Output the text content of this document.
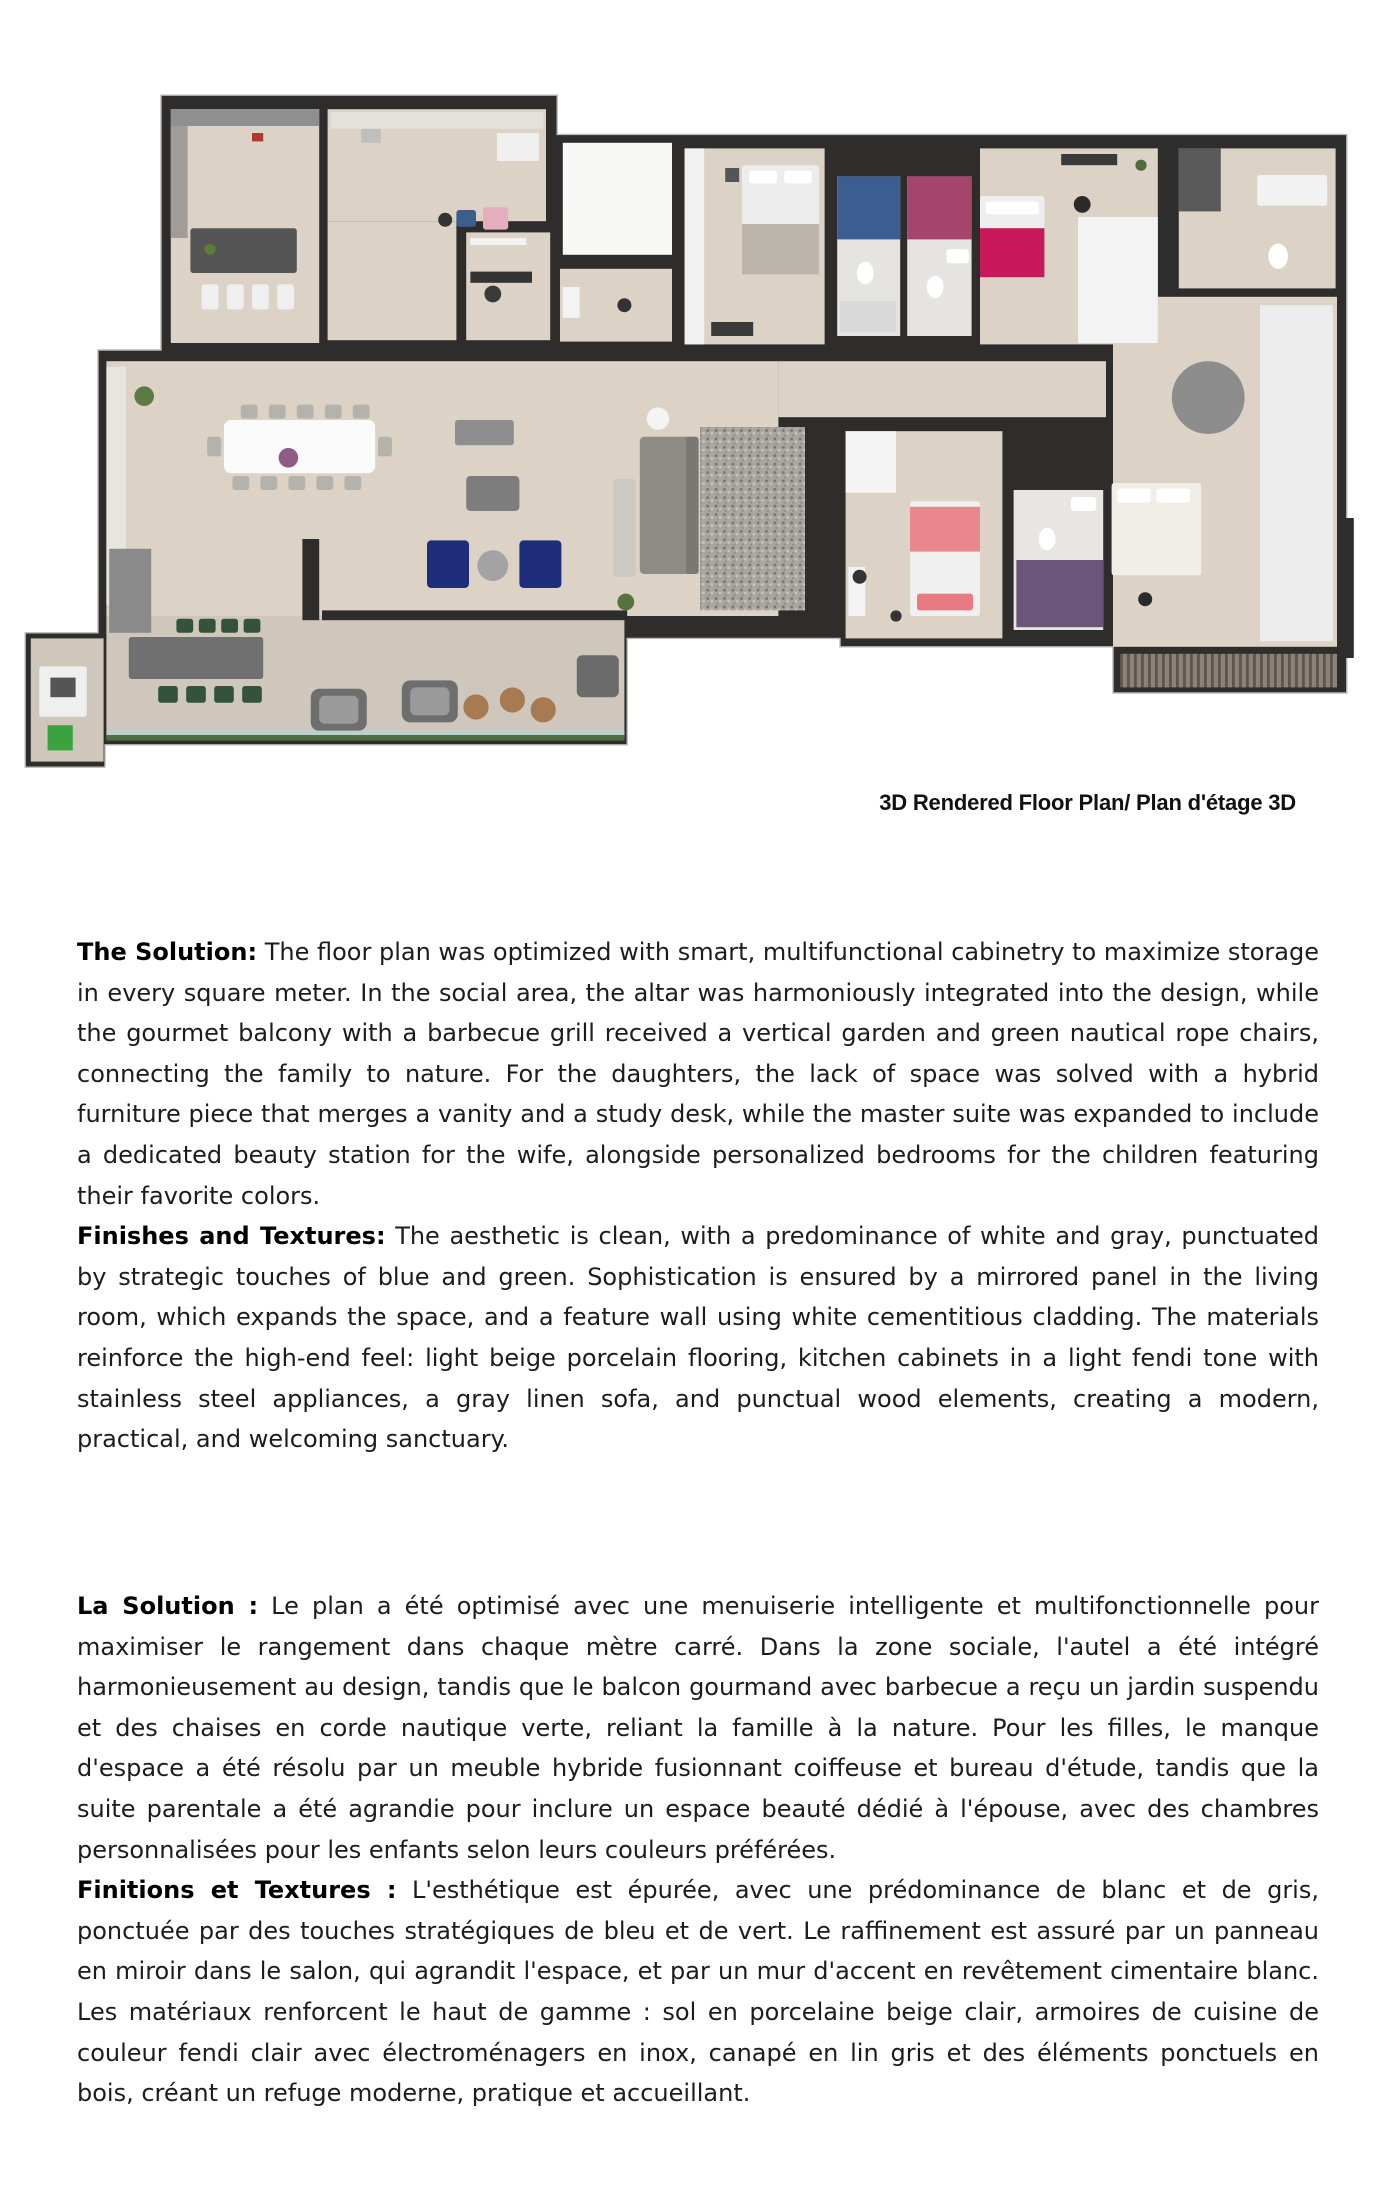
3D Rendered Floor Plan/ Plan d'étage 3D

The Solution: The floor plan was optimized with smart, multifunctional cabinetry to maximize storage in every square meter. In the social area, the altar was harmoniously integrated into the design, while the gourmet balcony with a barbecue grill received a vertical garden and green nautical rope chairs, connecting the family to nature. For the daughters, the lack of space was solved with a hybrid furniture piece that merges a vanity and a study desk, while the master suite was expanded to include a dedicated beauty station for the wife, alongside personalized bedrooms for the children featuring their favorite colors.

Finishes and Textures: The aesthetic is clean, with a predominance of white and gray, punctuated by strategic touches of blue and green. Sophistication is ensured by a mirrored panel in the living room, which expands the space, and a feature wall using white cementitious cladding. The materials reinforce the high-end feel: light beige porcelain flooring, kitchen cabinets in a light fendi tone with stainless steel appliances, a gray linen sofa, and punctual wood elements, creating a modern, practical, and welcoming sanctuary.

La Solution : Le plan a été optimisé avec une menuiserie intelligente et multifonctionnelle pour maximiser le rangement dans chaque mètre carré. Dans la zone sociale, l'autel a été intégré harmonieusement au design, tandis que le balcon gourmand avec barbecue a reçu un jardin suspendu et des chaises en corde nautique verte, reliant la famille à la nature. Pour les filles, le manque d'espace a été résolu par un meuble hybride fusionnant coiffeuse et bureau d'étude, tandis que la suite parentale a été agrandie pour inclure un espace beauté dédié à l'épouse, avec des chambres personnalisées pour les enfants selon leurs couleurs préférées.

Finitions et Textures : L'esthétique est épurée, avec une prédominance de blanc et de gris, ponctuée par des touches stratégiques de bleu et de vert. Le raffinement est assuré par un panneau en miroir dans le salon, qui agrandit l'espace, et par un mur d'accent en revêtement cimentaire blanc. Les matériaux renforcent le haut de gamme : sol en porcelaine beige clair, armoires de cuisine de couleur fendi clair avec électroménagers en inox, canapé en lin gris et des éléments ponctuels en bois, créant un refuge moderne, pratique et accueillant.
